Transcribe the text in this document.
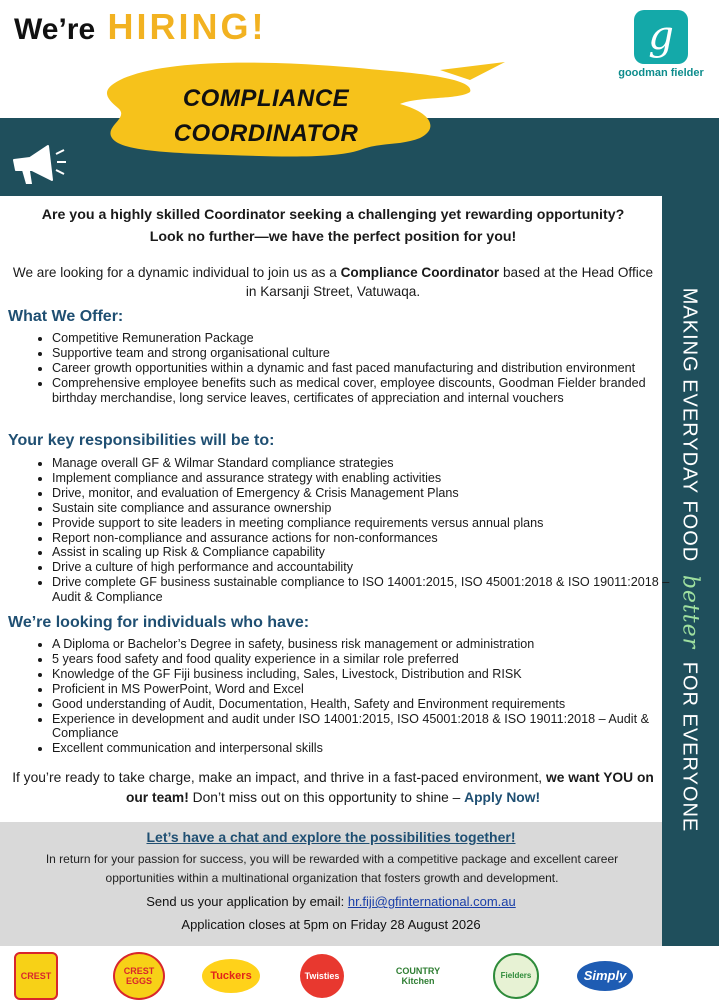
MAKING EVERYDAY FOOD better FOR EVERYONE
We’re HIRING!
COMPLIANCE
COORDINATOR
g
goodman fielder
Are you a highly skilled Coordinator seeking a challenging yet rewarding opportunity?
Look no further—we have the perfect position for you!
We are looking for a dynamic individual to join us as a Compliance Coordinator based at the Head Office in Karsanji Street, Vatuwaqa.
What We Offer:
• Competitive Remuneration Package
• Supportive team and strong organisational culture
• Career growth opportunities within a dynamic and fast paced manufacturing and distribution environment
• Comprehensive employee benefits such as medical cover, employee discounts, Goodman Fielder branded birthday merchandise, long service leaves, certificates of appreciation and internal vouchers
Your key responsibilities will be to:
• Manage overall GF & Wilmar Standard compliance strategies
• Implement compliance and assurance strategy with enabling activities
• Drive, monitor, and evaluation of Emergency & Crisis Management Plans
• Sustain site compliance and assurance ownership
• Provide support to site leaders in meeting compliance requirements versus annual plans
• Report non-compliance and assurance actions for non-conformances
• Assist in scaling up Risk & Compliance capability
• Drive a culture of high performance and accountability
• Drive complete GF business sustainable compliance to ISO 14001:2015, ISO 45001:2018 & ISO 19011:2018 – Audit & Compliance
We’re looking for individuals who have:
• A Diploma or Bachelor’s Degree in safety, business risk management or administration
• 5 years food safety and food quality experience in a similar role preferred
• Knowledge of the GF Fiji business including, Sales, Livestock, Distribution and RISK
• Proficient in MS PowerPoint, Word and Excel
• Good understanding of Audit, Documentation, Health, Safety and Environment requirements
• Experience in development and audit under ISO 14001:2015, ISO 45001:2018 & ISO 19011:2018 – Audit & Compliance
• Excellent communication and interpersonal skills
If you’re ready to take charge, make an impact, and thrive in a fast-paced environment, we want YOU on our team! Don’t miss out on this opportunity to shine – Apply Now!
Let’s have a chat and explore the possibilities together!
In return for your passion for success, you will be rewarded with a competitive package and excellent career opportunities within a multinational organization that fosters growth and development.
Send us your application by email: hr.fiji@gfinternational.com.au
Application closes at 5pm on Friday 28 August 2026
CREST	CREST EGGS	Tuckers	Twisties	COUNTRY Kitchen
Fielders	Simply
